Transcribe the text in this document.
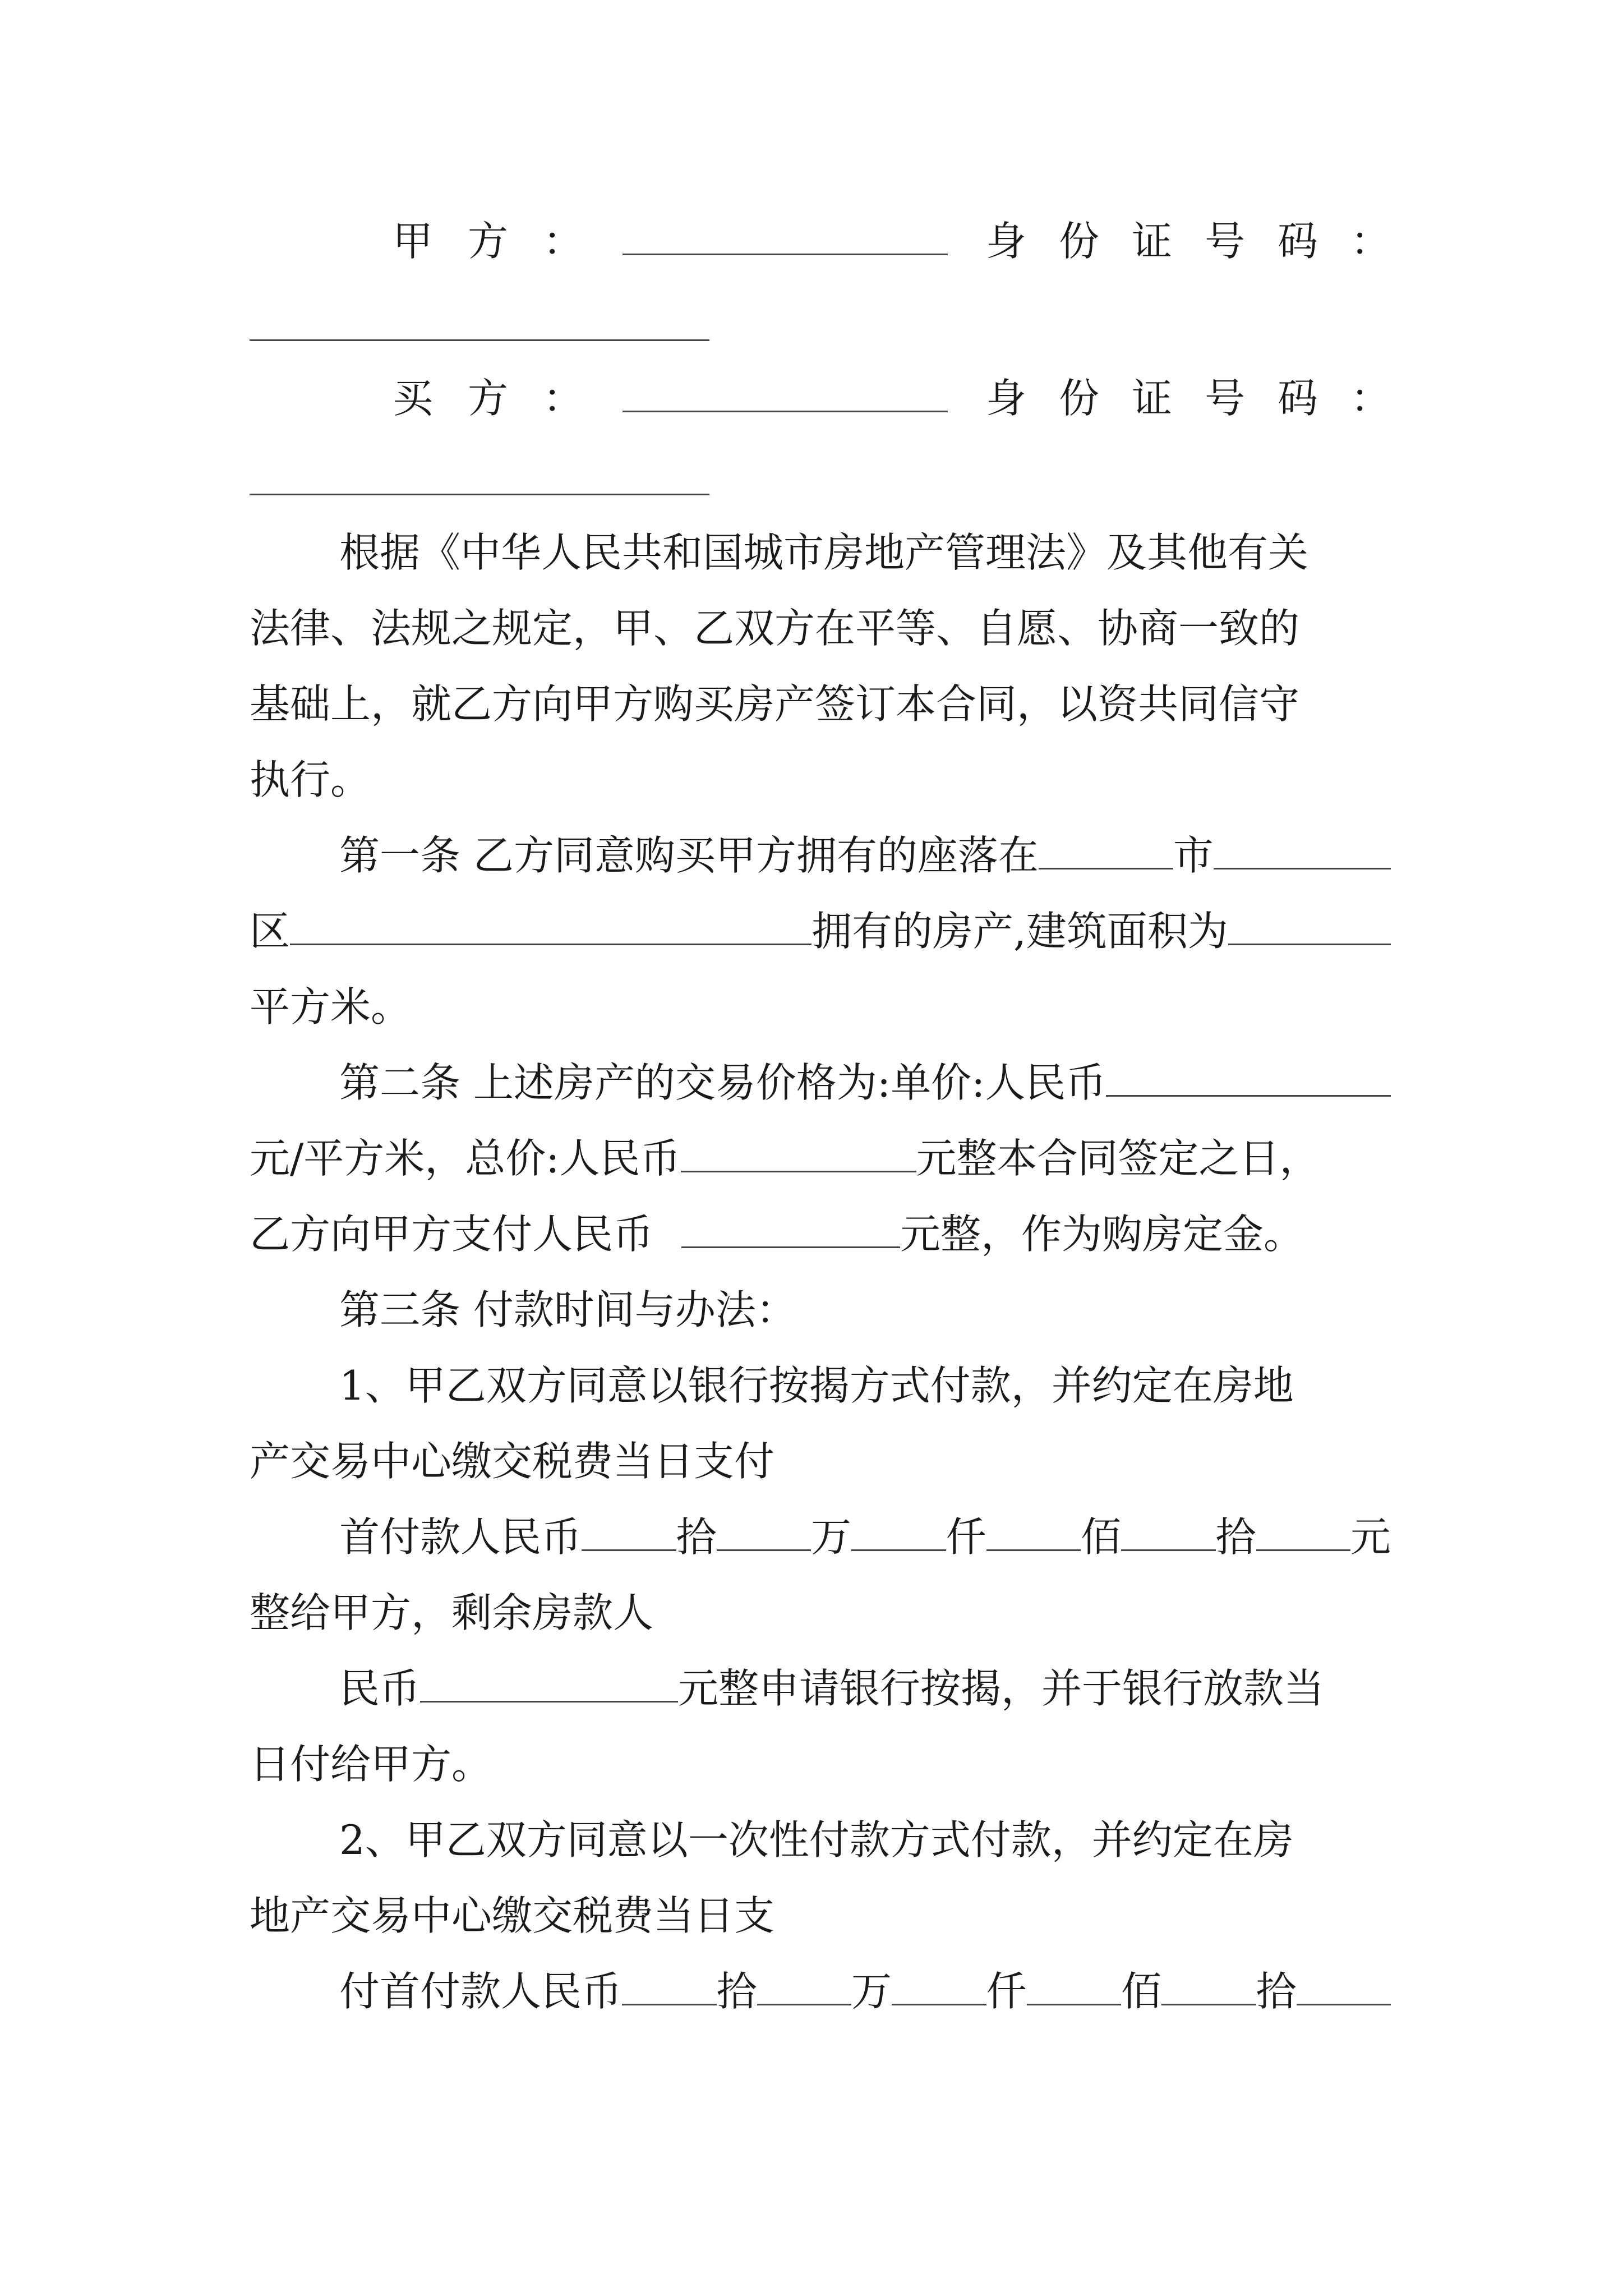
甲方：	身份证号码：
买方：	身份证号码：
根据《中华人民共和国城市房地产管理法》及其他有关
法律、法规之规定，甲、乙双方在平等、自愿、协商一致的
基础上，就乙方向甲方购买房产签订本合同，以资共同信守
执行。
第一条 乙方同意购买甲方拥有的座落在	市
区	拥有的房产,建筑面积为
平方米。
第二条 上述房产的交易价格为:单价:人民币
元/平方米，总价:人民币	元整本合同签定之日，
乙方向甲方支付人民币	元整，作为购房定金。
第三条 付款时间与办法：
1、甲乙双方同意以银行按揭方式付款，并约定在房地
产交易中心缴交税费当日支付
首付款人民币 拾 万 仟 佰 拾 元
整给甲方，剩余房款人
民币	元整申请银行按揭，并于银行放款当
日付给甲方。
2、甲乙双方同意以一次性付款方式付款，并约定在房
地产交易中心缴交税费当日支
付首付款人民币 拾 万 仟 佰 拾
